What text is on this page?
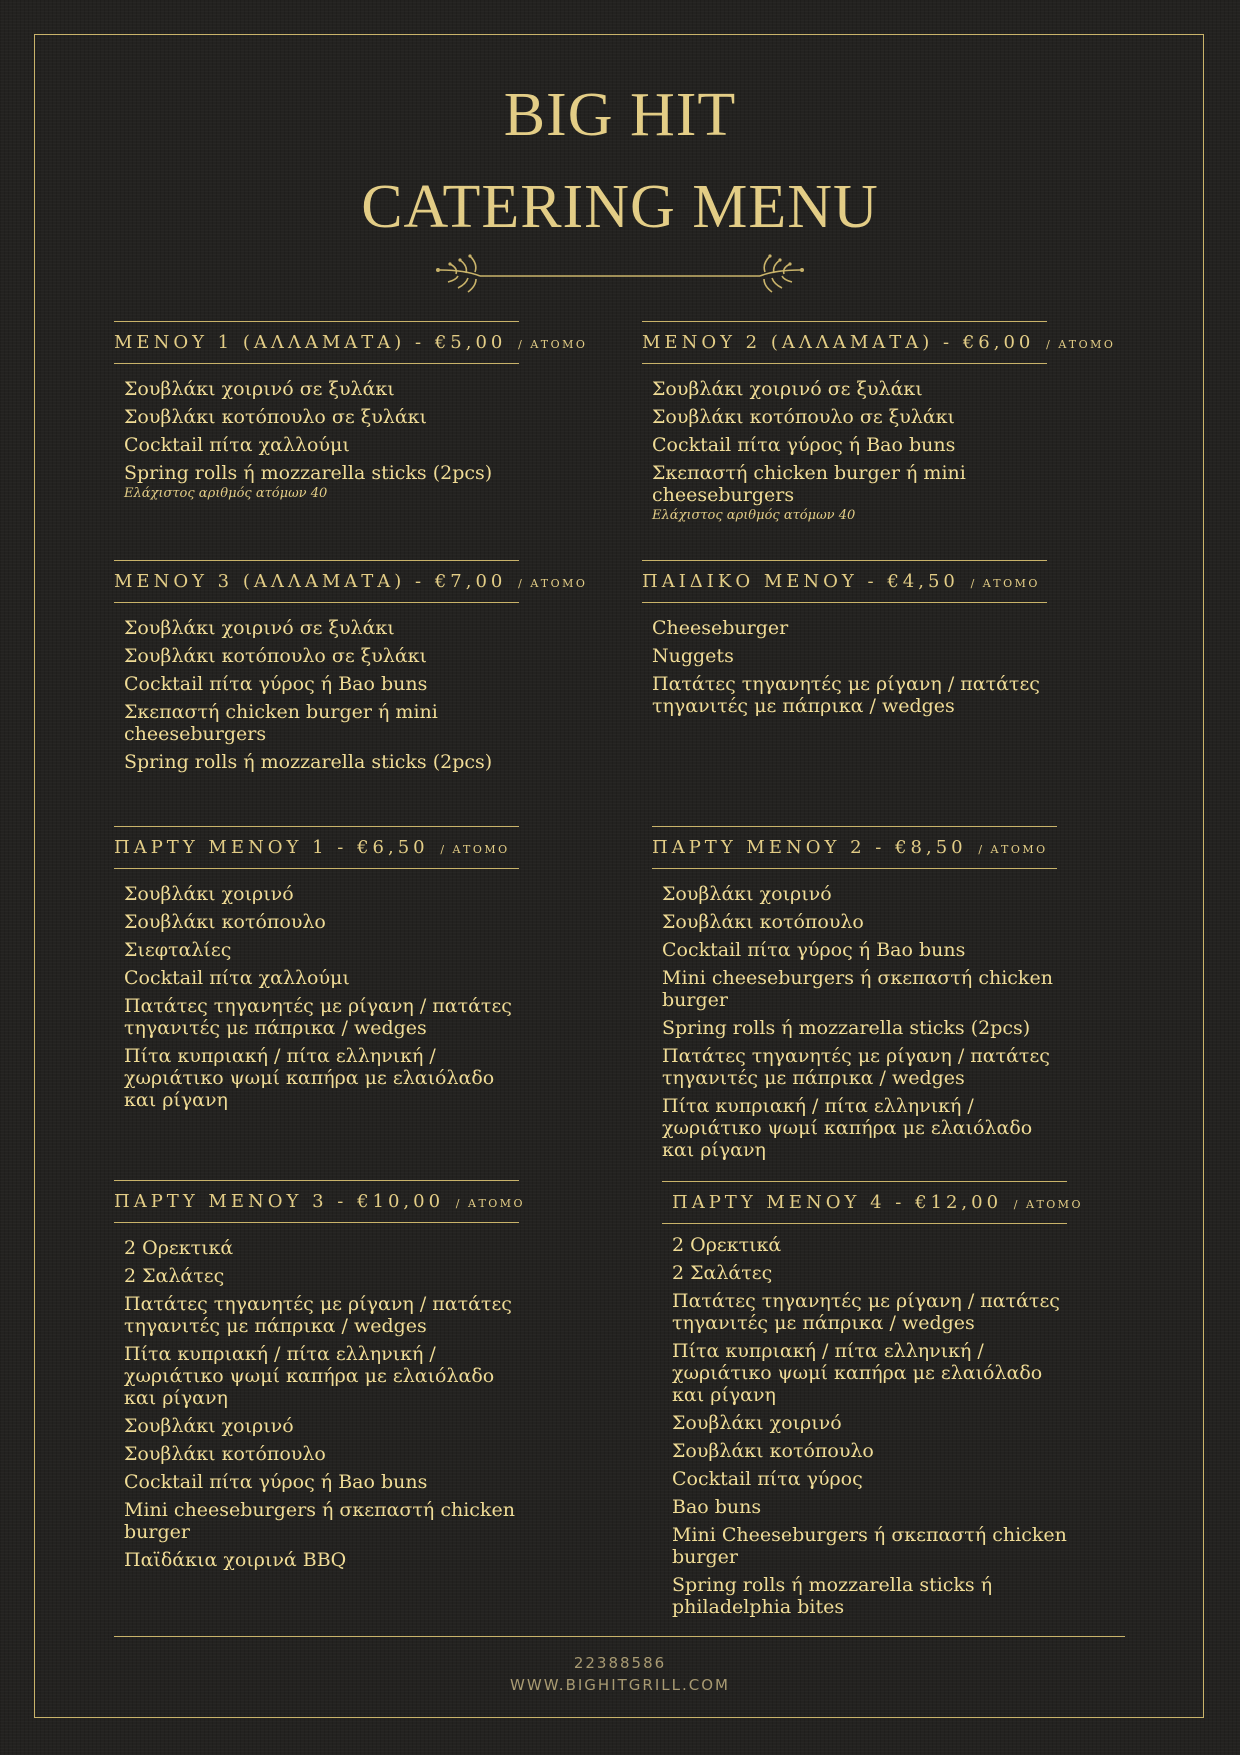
BIG HIT
CATERING MENU
ΜΕΝΟΥ 1 (ΑΛΛΑΜΑΤΑ) - €5,00 / ΑΤΟΜΟ
Σουβλάκι χοιρινό σε ξυλάκι
Σουβλάκι κοτόπουλο σε ξυλάκι
Cocktail πίτα χαλλούμι
Spring rolls ή mozzarella sticks (2pcs)
Ελάχιστος αριθμός ατόμων 40
ΜΕΝΟΥ 2 (ΑΛΛΑΜΑΤΑ) - €6,00 / ΑΤΟΜΟ
Σουβλάκι χοιρινό σε ξυλάκι
Σουβλάκι κοτόπουλο σε ξυλάκι
Cocktail πίτα γύρος ή Bao buns
Σκεπαστή chicken burger ή mini cheeseburgers
Ελάχιστος αριθμός ατόμων 40
ΜΕΝΟΥ 3 (ΑΛΛΑΜΑΤΑ) - €7,00 / ΑΤΟΜΟ
Σουβλάκι χοιρινό σε ξυλάκι
Σουβλάκι κοτόπουλο σε ξυλάκι
Cocktail πίτα γύρος ή Bao buns
Σκεπαστή chicken burger ή mini cheeseburgers
Spring rolls ή mozzarella sticks (2pcs)
ΠΑΙΔΙΚΟ ΜΕΝΟΥ - €4,50 / ΑΤΟΜΟ
Cheeseburger
Nuggets
Πατάτες τηγανητές με ρίγανη / πατάτες τηγανιτές με πάπρικα / wedges
ΠΑΡΤΥ ΜΕΝΟΥ 1 - €6,50 / ΑΤΟΜΟ
Σουβλάκι χοιρινό
Σουβλάκι κοτόπουλο
Σιεφταλίες
Cocktail πίτα χαλλούμι
Πατάτες τηγανητές με ρίγανη / πατάτες τηγανιτές με πάπρικα / wedges
Πίτα κυπριακή / πίτα ελληνική / χωριάτικο ψωμί καπήρα με ελαιόλαδο και ρίγανη
ΠΑΡΤΥ ΜΕΝΟΥ 2 - €8,50 / ΑΤΟΜΟ
Σουβλάκι χοιρινό
Σουβλάκι κοτόπουλο
Cocktail πίτα γύρος ή Bao buns
Mini cheeseburgers ή σκεπαστή chicken burger
Spring rolls ή mozzarella sticks (2pcs)
Πατάτες τηγανητές με ρίγανη / πατάτες τηγανιτές με πάπρικα / wedges
Πίτα κυπριακή / πίτα ελληνική / χωριάτικο ψωμί καπήρα με ελαιόλαδο και ρίγανη
ΠΑΡΤΥ ΜΕΝΟΥ 3 - €10,00 / ΑΤΟΜΟ
2 Ορεκτικά
2 Σαλάτες
Πατάτες τηγανητές με ρίγανη / πατάτες τηγανιτές με πάπρικα / wedges
Πίτα κυπριακή / πίτα ελληνική / χωριάτικο ψωμί καπήρα με ελαιόλαδο και ρίγανη
Σουβλάκι χοιρινό
Σουβλάκι κοτόπουλο
Cocktail πίτα γύρος ή Bao buns
Mini cheeseburgers ή σκεπαστή chicken burger
Παϊδάκια χοιρινά BBQ
ΠΑΡΤΥ ΜΕΝΟΥ 4 - €12,00 / ΑΤΟΜΟ
2 Ορεκτικά
2 Σαλάτες
Πατάτες τηγανητές με ρίγανη / πατάτες τηγανιτές με πάπρικα / wedges
Πίτα κυπριακή / πίτα ελληνική / χωριάτικο ψωμί καπήρα με ελαιόλαδο και ρίγανη
Σουβλάκι χοιρινό
Σουβλάκι κοτόπουλο
Cocktail πίτα γύρος
Bao buns
Mini Cheeseburgers ή σκεπαστή chicken burger
Spring rolls ή mozzarella sticks ή philadelphia bites
22388586
WWW.BIGHITGRILL.COM
